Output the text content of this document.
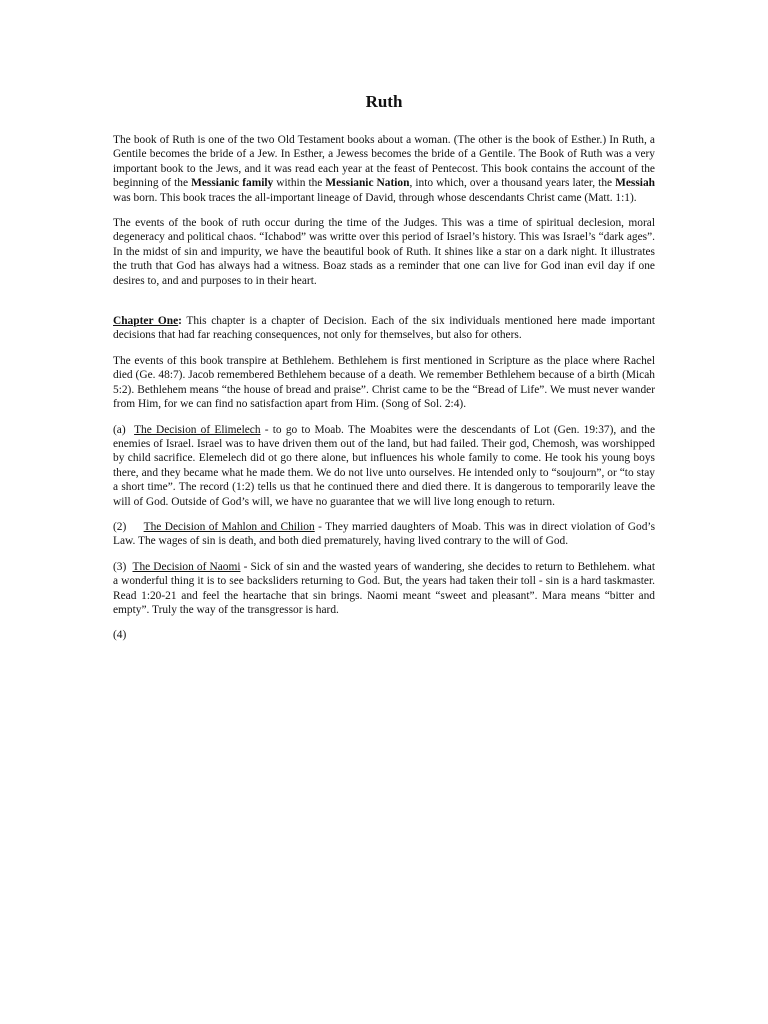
Ruth

The book of Ruth is one of the two Old Testament books about a woman. (The other is the book of Esther.) In Ruth, a Gentile becomes the bride of a Jew. In Esther, a Jewess becomes the bride of a Gentile. The Book of Ruth was a very important book to the Jews, and it was read each year at the feast of Pentecost. This book contains the account of the beginning of the Messianic family within the Messianic Nation, into which, over a thousand years later, the Messiah was born. This book traces the all-important lineage of David, through whose descendants Christ came (Matt. 1:1).

The events of the book of ruth occur during the time of the Judges. This was a time of spiritual declesion, moral degeneracy and political chaos. “Ichabod” was writte over this period of Israel’s history. This was Israel’s “dark ages”. In the midst of sin and impurity, we have the beautiful book of Ruth. It shines like a star on a dark night. It illustrates the truth that God has always had a witness. Boaz stads as a reminder that one can live for God inan evil day if one desires to, and and purposes to in their heart.

Chapter One: This chapter is a chapter of Decision. Each of the six individuals mentioned here made important decisions that had far reaching consequences, not only for themselves, but also for others.

The events of this book transpire at Bethlehem. Bethlehem is first mentioned in Scripture as the place where Rachel died (Ge. 48:7). Jacob remembered Bethlehem because of a death. We remember Bethlehem because of a birth (Micah 5:2). Bethlehem means “the house of bread and praise”. Christ came to be the “Bread of Life”. We must never wander from Him, for we can find no satisfaction apart from Him. (Song of Sol. 2:4).

(a) The Decision of Elimelech - to go to Moab. The Moabites were the descendants of Lot (Gen. 19:37), and the enemies of Israel. Israel was to have driven them out of the land, but had failed. Their god, Chemosh, was worshipped by child sacrifice. Elemelech did ot go there alone, but influences his whole family to come. He took his young boys there, and they became what he made them. We do not live unto ourselves. He intended only to “soujourn”, or “to stay a short time”. The record (1:2) tells us that he continued there and died there. It is dangerous to temporarily leave the will of God. Outside of God’s will, we have no guarantee that we will live long enough to return.

(2) The Decision of Mahlon and Chilion - They married daughters of Moab. This was in direct violation of God’s Law. The wages of sin is death, and both died prematurely, having lived contrary to the will of God.

(3) The Decision of Naomi - Sick of sin and the wasted years of wandering, she decides to return to Bethlehem. what a wonderful thing it is to see backsliders returning to God. But, the years had taken their toll - sin is a hard taskmaster. Read 1:20-21 and feel the heartache that sin brings. Naomi meant “sweet and pleasant”. Mara means “bitter and empty”. Truly the way of the transgressor is hard.

(4)
